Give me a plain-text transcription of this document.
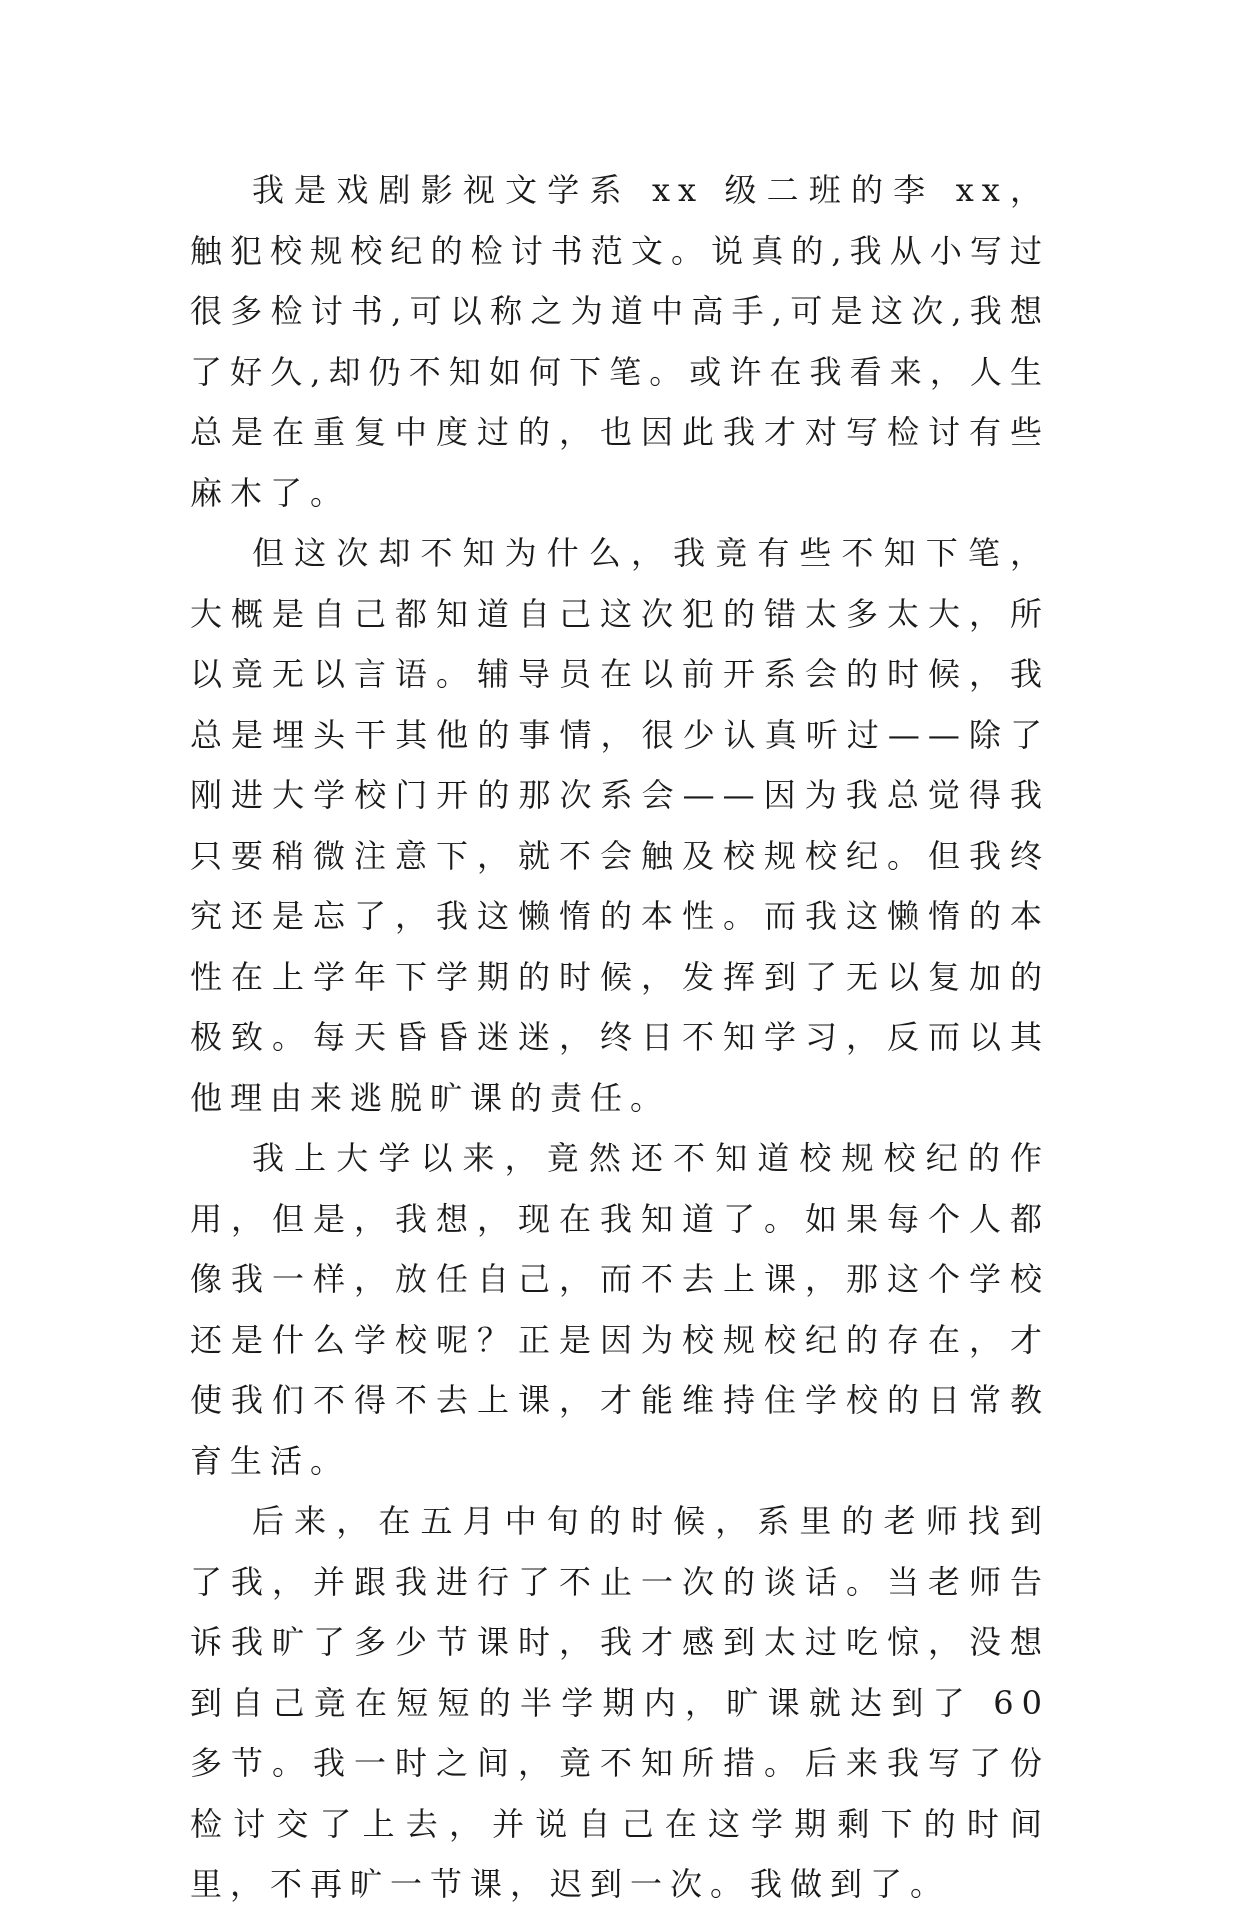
我是戏剧影视文学系 xx 级二班的李 xx，触犯校规校纪的检讨书范文。说真的,我从小写过很多检讨书,可以称之为道中高手,可是这次,我想了好久,却仍不知如何下笔。或许在我看来，人生总是在重复中度过的，也因此我才对写检讨有些麻木了。

但这次却不知为什么，我竟有些不知下笔，大概是自己都知道自己这次犯的错太多太大，所以竟无以言语。辅导员在以前开系会的时候，我总是埋头干其他的事情，很少认真听过——除了刚进大学校门开的那次系会——因为我总觉得我只要稍微注意下，就不会触及校规校纪。但我终究还是忘了，我这懒惰的本性。而我这懒惰的本性在上学年下学期的时候，发挥到了无以复加的极致。每天昏昏迷迷，终日不知学习，反而以其他理由来逃脱旷课的责任。

我上大学以来，竟然还不知道校规校纪的作用，但是，我想，现在我知道了。如果每个人都像我一样，放任自己，而不去上课，那这个学校还是什么学校呢？正是因为校规校纪的存在，才使我们不得不去上课，才能维持住学校的日常教育生活。

后来，在五月中旬的时候，系里的老师找到了我，并跟我进行了不止一次的谈话。当老师告诉我旷了多少节课时，我才感到太过吃惊，没想到自己竟在短短的半学期内，旷课就达到了 60 多节。我一时之间，竟不知所措。后来我写了份检讨交了上去，并说自己在这学期剩下的时间里，不再旷一节课，迟到一次。我做到了。
